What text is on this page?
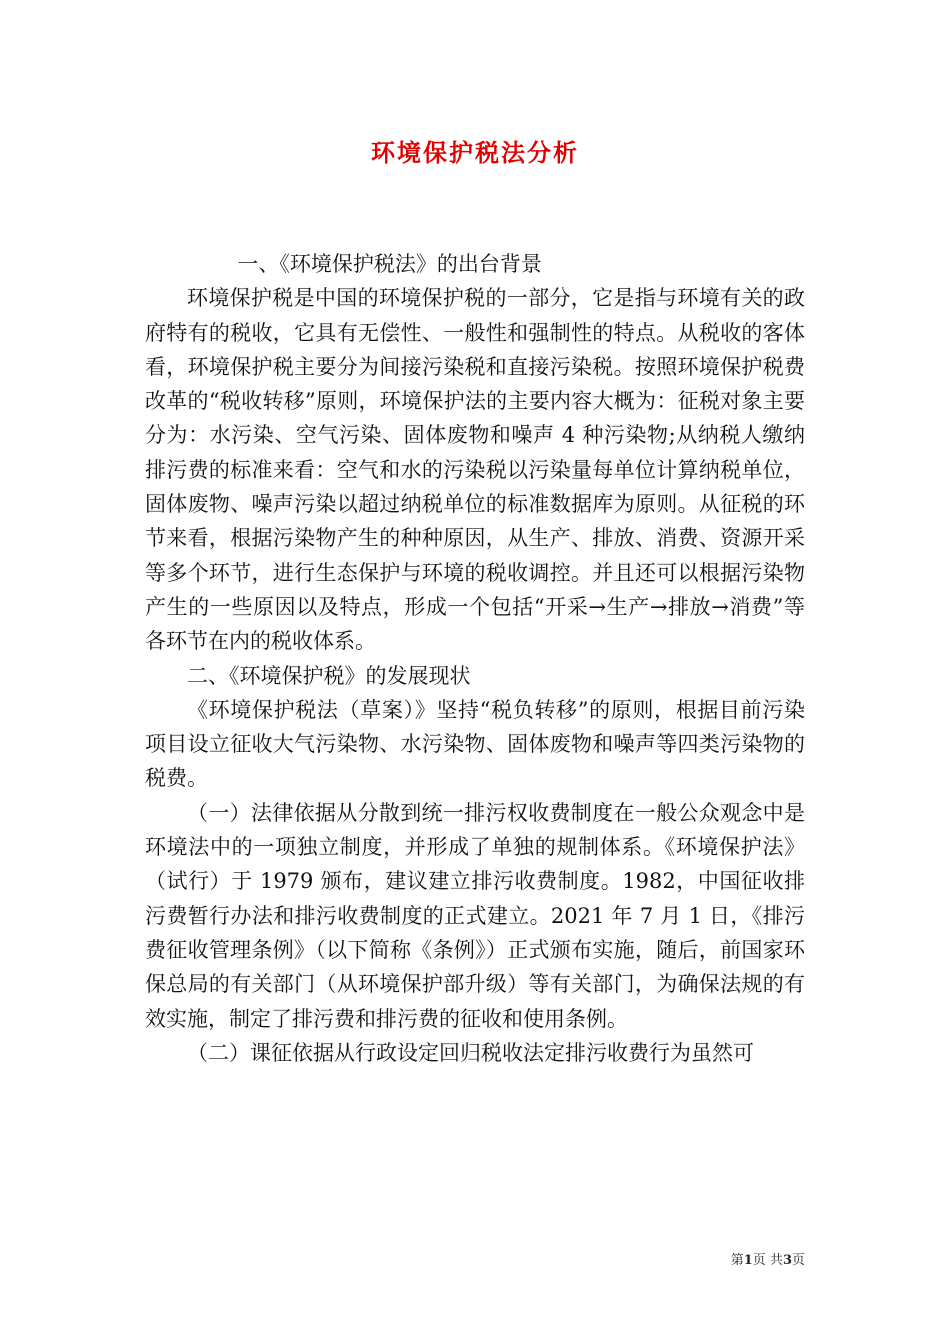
环境保护税法分析

一、《环境保护税法》的出台背景

环境保护税是中国的环境保护税的一部分，它是指与环境有关的政府特有的税收，它具有无偿性、一般性和强制性的特点。从税收的客体看，环境保护税主要分为间接污染税和直接污染税。按照环境保护税费改革的“税收转移”原则，环境保护法的主要内容大概为：征税对象主要分为：水污染、空气污染、固体废物和噪声 4 种污染物;从纳税人缴纳排污费的标准来看：空气和水的污染税以污染量每单位计算纳税单位，固体废物、噪声污染以超过纳税单位的标准数据库为原则。从征税的环节来看，根据污染物产生的种种原因，从生产、排放、消费、资源开采等多个环节，进行生态保护与环境的税收调控。并且还可以根据污染物产生的一些原因以及特点，形成一个包括“开采→生产→排放→消费”等各环节在内的税收体系。

二、《环境保护税》的发展现状

《环境保护税法（草案）》坚持“税负转移”的原则，根据目前污染项目设立征收大气污染物、水污染物、固体废物和噪声等四类污染物的税费。

（一）法律依据从分散到统一排污权收费制度在一般公众观念中是环境法中的一项独立制度，并形成了单独的规制体系。《环境保护法》（试行）于 1979 颁布，建议建立排污收费制度。1982，中国征收排污费暂行办法和排污收费制度的正式建立。2021 年 7 月 1 日，《排污费征收管理条例》（以下简称《条例》）正式颁布实施，随后，前国家环保总局的有关部门（从环境保护部升级）等有关部门，为确保法规的有效实施，制定了排污费和排污费的征收和使用条例。

（二）课征依据从行政设定回归税收法定排污收费行为虽然可

第1页 共3页
